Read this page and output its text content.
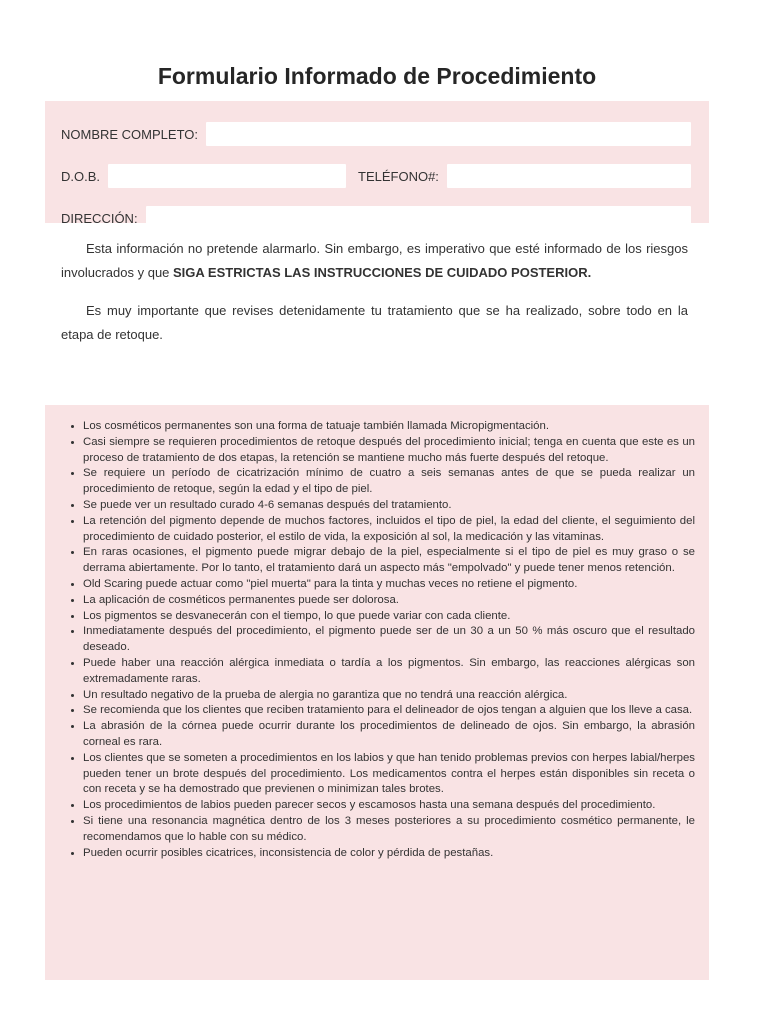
Formulario Informado de Procedimiento
NOMBRE COMPLETO:
D.O.B.	TELÉFONO#:
DIRECCIÓN:

Esta información no pretende alarmarlo. Sin embargo, es imperativo que esté informado de los riesgos involucrados y que SIGA ESTRICTAS LAS INSTRUCCIONES DE CUIDADO POSTERIOR.

Es muy importante que revises detenidamente tu tratamiento que se ha realizado, sobre todo en la etapa de retoque.

• Los cosméticos permanentes son una forma de tatuaje también llamada Micropigmentación.
• Casi siempre se requieren procedimientos de retoque después del procedimiento inicial; tenga en cuenta que este es un proceso de tratamiento de dos etapas, la retención se mantiene mucho más fuerte después del retoque.
• Se requiere un período de cicatrización mínimo de cuatro a seis semanas antes de que se pueda realizar un procedimiento de retoque, según la edad y el tipo de piel.
• Se puede ver un resultado curado 4-6 semanas después del tratamiento.
• La retención del pigmento depende de muchos factores, incluidos el tipo de piel, la edad del cliente, el seguimiento del procedimiento de cuidado posterior, el estilo de vida, la exposición al sol, la medicación y las vitaminas.
• En raras ocasiones, el pigmento puede migrar debajo de la piel, especialmente si el tipo de piel es muy graso o se derrama abiertamente. Por lo tanto, el tratamiento dará un aspecto más "empolvado" y puede tener menos retención.
• Old Scaring puede actuar como "piel muerta" para la tinta y muchas veces no retiene el pigmento.
• La aplicación de cosméticos permanentes puede ser dolorosa.
• Los pigmentos se desvanecerán con el tiempo, lo que puede variar con cada cliente.
• Inmediatamente después del procedimiento, el pigmento puede ser de un 30 a un 50 % más oscuro que el resultado deseado.
• Puede haber una reacción alérgica inmediata o tardía a los pigmentos. Sin embargo, las reacciones alérgicas son extremadamente raras.
• Un resultado negativo de la prueba de alergia no garantiza que no tendrá una reacción alérgica.
• Se recomienda que los clientes que reciben tratamiento para el delineador de ojos tengan a alguien que los lleve a casa.
• La abrasión de la córnea puede ocurrir durante los procedimientos de delineado de ojos. Sin embargo, la abrasión corneal es rara.
• Los clientes que se someten a procedimientos en los labios y que han tenido problemas previos con herpes labial/herpes pueden tener un brote después del procedimiento. Los medicamentos contra el herpes están disponibles sin receta o con receta y se ha demostrado que previenen o minimizan tales brotes.
• Los procedimientos de labios pueden parecer secos y escamosos hasta una semana después del procedimiento.
• Si tiene una resonancia magnética dentro de los 3 meses posteriores a su procedimiento cosmético permanente, le recomendamos que lo hable con su médico.
• Pueden ocurrir posibles cicatrices, inconsistencia de color y pérdida de pestañas.
